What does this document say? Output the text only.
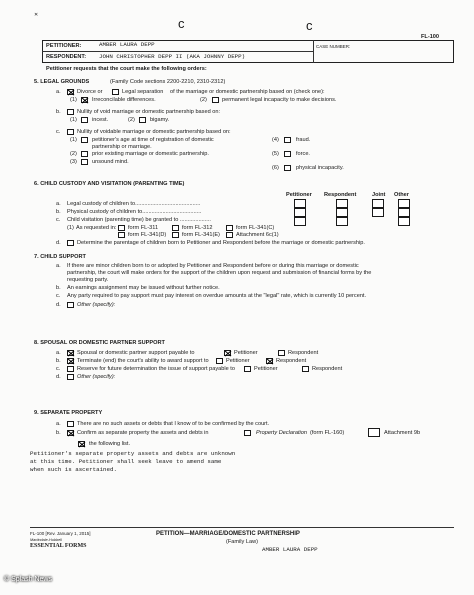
✕
ᴄ	ᴄ
FL-100
PETITIONER:	AMBER LAURA DEPP
RESPONDENT: JOHN CHRISTOPHER DEPP II (AKA JOHNNY DEPP)
CASE NUMBER:
Petitioner requests that the court make the following orders:
5. LEGAL GROUNDS	(Family Code sections 2200-2210, 2310-2312)
a.	Divorce or	Legal separation of the marriage or domestic partnership based on (check one):
(1)	Irreconcilable differences.	(2)	permanent legal incapacity to make decisions.
b.	Nullity of void marriage or domestic partnership based on:
(1)	incest.	(2)	bigamy.
c.	Nullity of voidable marriage or domestic partnership based on:
(1)	petitioner's age at time of registration of domestic
partnership or marriage.
(2)	prior existing marriage or domestic partnership.
(3)	unsound mind.
(4)	fraud.
(5)	force.
(6)	physical incapacity.
6. CHILD CUSTODY AND VISITATION (PARENTING TIME)
Petitioner Respondent	Joint Other
a. Legal custody of children to..........................................
b. Physical custody of children to......................................
c. Child visitation (parenting time) be granted to ....................
As requested in:
(1)	form FL-311	form FL-312	form FL-341(C)
form FL-341(D)	form FL-341(E)	Attachment 6c(1)
d.	Determine the parentage of children born to Petitioner and Respondent before the marriage or domestic partnership.
7. CHILD SUPPORT
a. If there are minor children born to or adopted by Petitioner and Respondent before or during this marriage or domestic
partnership, the court will make orders for the support of the children upon request and submission of financial forms by the
requesting party.
b. An earnings assignment may be issued without further notice.
c. Any party required to pay support must pay interest on overdue amounts at the "legal" rate, which is currently 10 percent.
d.	Other (specify):
8. SPOUSAL OR DOMESTIC PARTNER SUPPORT
a.	Spousal or domestic partner support payable to	Petitioner	Respondent
b.	Terminate (end) the court's ability to award support to	Petitioner	Respondent
c.	Reserve for future determination the issue of support payable to	Petitioner	Respondent
d.	Other (specify):
9. SEPARATE PROPERTY
a.	There are no such assets or debts that I know of to be confirmed by the court.
b.	Confirm as separate property the assets and debts in	Property Declaration (form FL-160)	Attachment 9b
the following list.
Petitioner's separate property assets and debts are unknown
at this time. Petitioner shall seek leave to amend same
when such is ascertained.
FL-100 [Rev. January 1, 2015]
Martindale-Hubbell
ESSENTIAL FORMS
PETITION—MARRIAGE/DOMESTIC PARTNERSHIP
(Family Law)
AMBER LAURA DEPP
© Splash News
